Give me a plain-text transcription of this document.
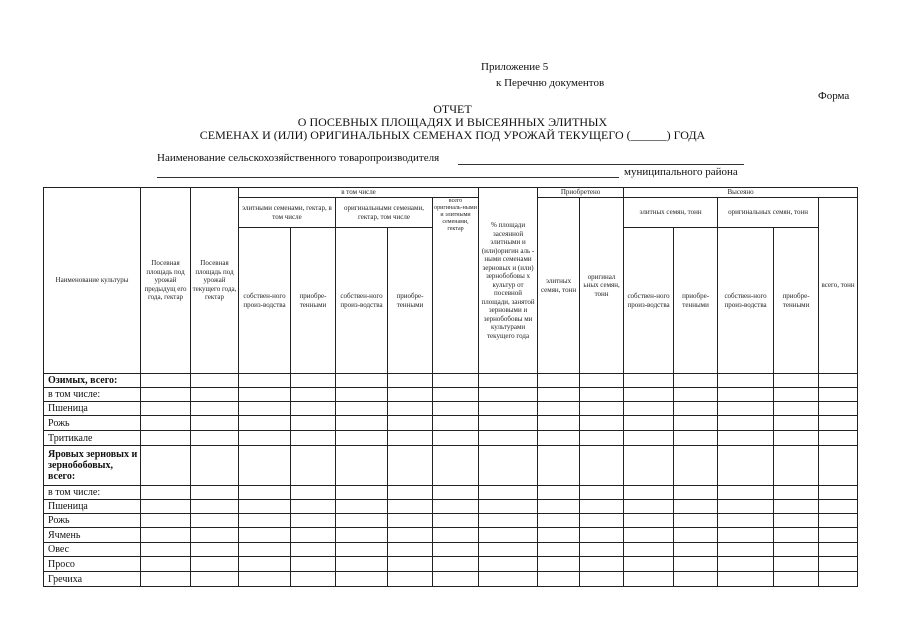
Приложение 5
к Перечню документов
Форма
ОТЧЕТ
О ПОСЕВНЫХ ПЛОЩАДЯХ И ВЫСЕЯННЫХ ЭЛИТНЫХ
СЕМЕНАХ И (ИЛИ) ОРИГИНАЛЬНЫХ СЕМЕНАХ ПОД УРОЖАЙ ТЕКУЩЕГО (______) ГОДА
Наименование сельскохозяйственного товаропроизводителя
муниципального района
Наименование культуры	Посевная площадь под урожай предыдущ его года, гектар	Посевная площадь под урожай текущего года, гектар	в том числе					% площади засеянной элитными и (или)оригин аль - ными семенами зерновых и (или) зернобобовы х культур от посевной площади, занятой зерновыми и зернобобовы ми культурами текущего года	Приобретено		Высеяно				
			элитными семенами, гектар, в том числе		оригинальными семенами, гектар, том числе		всего оригиналь-ными и элитными семенами, гектар		элитных семян, тонн	оригинал ьных семян, тонн	элитных семян, тонн		оригинальных семян, тонн		всего, тонн
			собствен-ного произ-водства	приобре-тенными	собствен-ного произ-водства	приобре-тенными					собствен-ного произ-водства	приобре-тенными	собствен-ного произ-водства	приобре-тенными	
Озимых, всего:															
в том числе:															
Пшеница															
Рожь															
Тритикале															
Яровых зерновых и зернобобовых, всего:															
в том числе:															
Пшеница															
Рожь															
Ячмень															
Овес															
Просо															
Гречиха															
